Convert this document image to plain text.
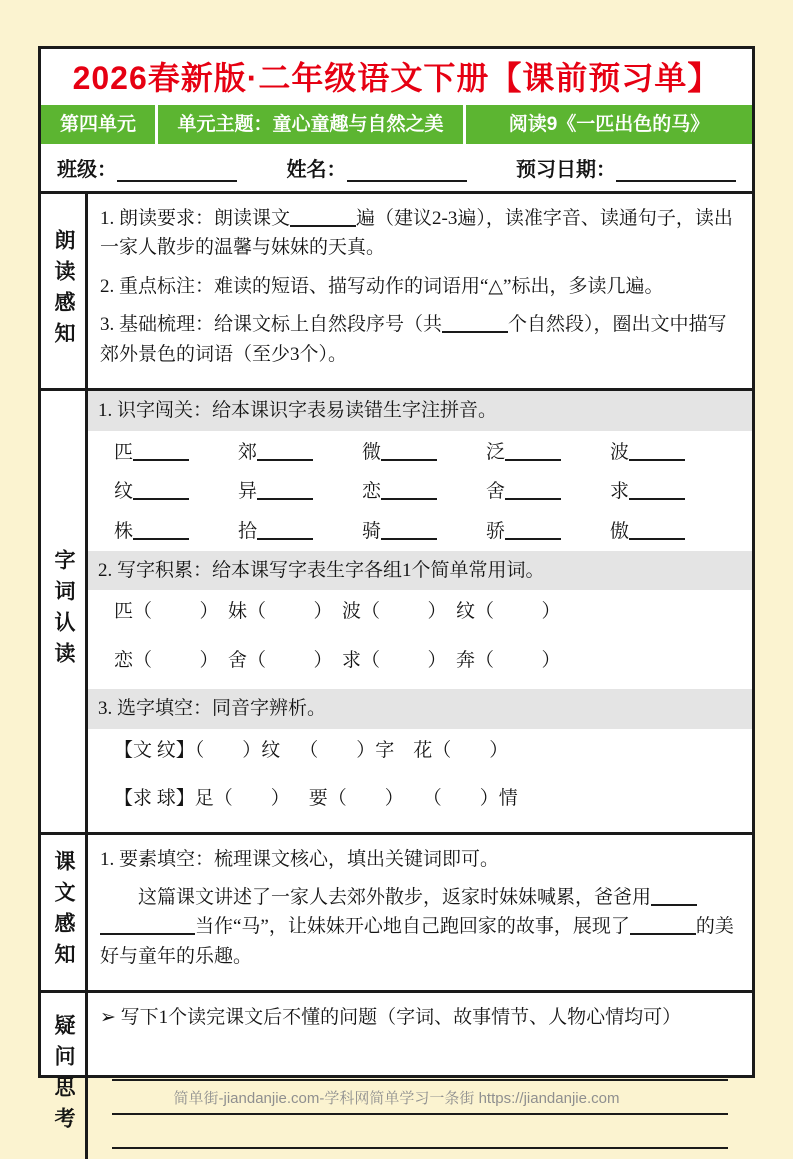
2026春新版·二年级语文下册【课前预习单】
第四单元	单元主题：童心童趣与自然之美	阅读9《一匹出色的马》
班级：	姓名：	预习日期：
朗读感知

1. 朗读要求：朗读课文	遍（建议2-3遍），读准字音、读通句子，读出一家人散步的温馨与妹妹的天真。

2. 重点标注：难读的短语、描写动作的词语用“△”标出，多读几遍。

3. 基础梳理：给课文标上自然段序号（共	个自然段），圈出文中描写郊外景色的词语（至少3个）。

字词认读
1. 识字闯关：给本课识字表易读错生字注拼音。
匹	郊	微	泛	波
纹	异	恋	舍	求
株	拾	骑	骄	傲
2. 写字积累：给本课写字表生字各组1个简单常用词。

匹（          ）  妹（          ）  波（          ）  纹（          ）

恋（          ）  舍（          ）  求（          ）  奔（          ）

3. 选字填空：同音字辨析。

【文 纹】（        ）纹    （        ）字    花（        ）

【求 球】足（        ）    要（        ）    （        ）情

课文感知 1. 要素填空：梳理课文核心，填出关键词即可。

这篇课文讲述了一家人去郊外散步，返家时妹妹喊累，爸爸用当作“马”，让妹妹开心地自己跑回家的故事，展现了	的美好与童年的乐趣。

疑问思考 ➢ 写下1个读完课文后不懂的问题（字词、故事情节、人物心情均可）

简单街-jiandanjie.com-学科网简单学习一条街 https://jiandanjie.com
